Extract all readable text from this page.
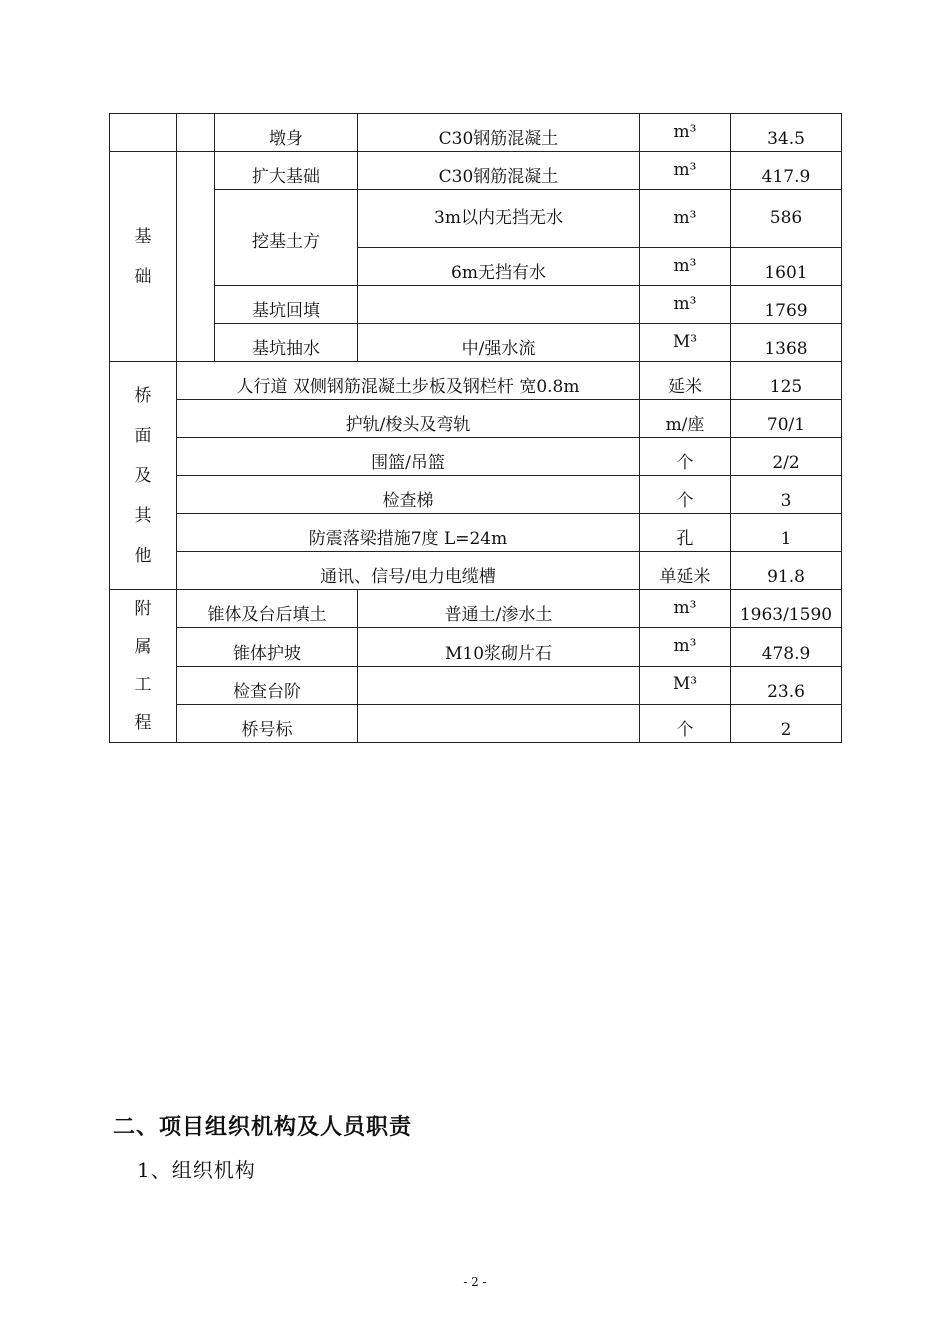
		墩身	C30钢筋混凝土	m³	34.5

基
础		扩大基础	C30钢筋混凝土	m³	417.9
		挖基土方	3m以内无挡无水	m³	586
			6m无挡有水	m³	1601
		基坑回填		m³	1769
		基坑抽水	中/强水流	M³	1368

桥
面
及
其
他	人行道 双侧钢筋混凝土步板及钢栏杆 宽0.8m			延米	125
	护轨/梭头及弯轨			m/座	70/1
	围篮/吊篮			个	2/2
	检查梯			个	3
	防震落梁措施7度 L=24m			孔	1
	通讯、信号/电力电缆槽			单延米	91.8

附
属
工
程	锥体及台后填土		普通土/渗水土	m³	1963/1590
	锥体护坡		M10浆砌片石	m³	478.9
	检查台阶			M³	23.6
	桥号标			个	2
二、项目组织机构及人员职责
1、组织机构
- 2 -
